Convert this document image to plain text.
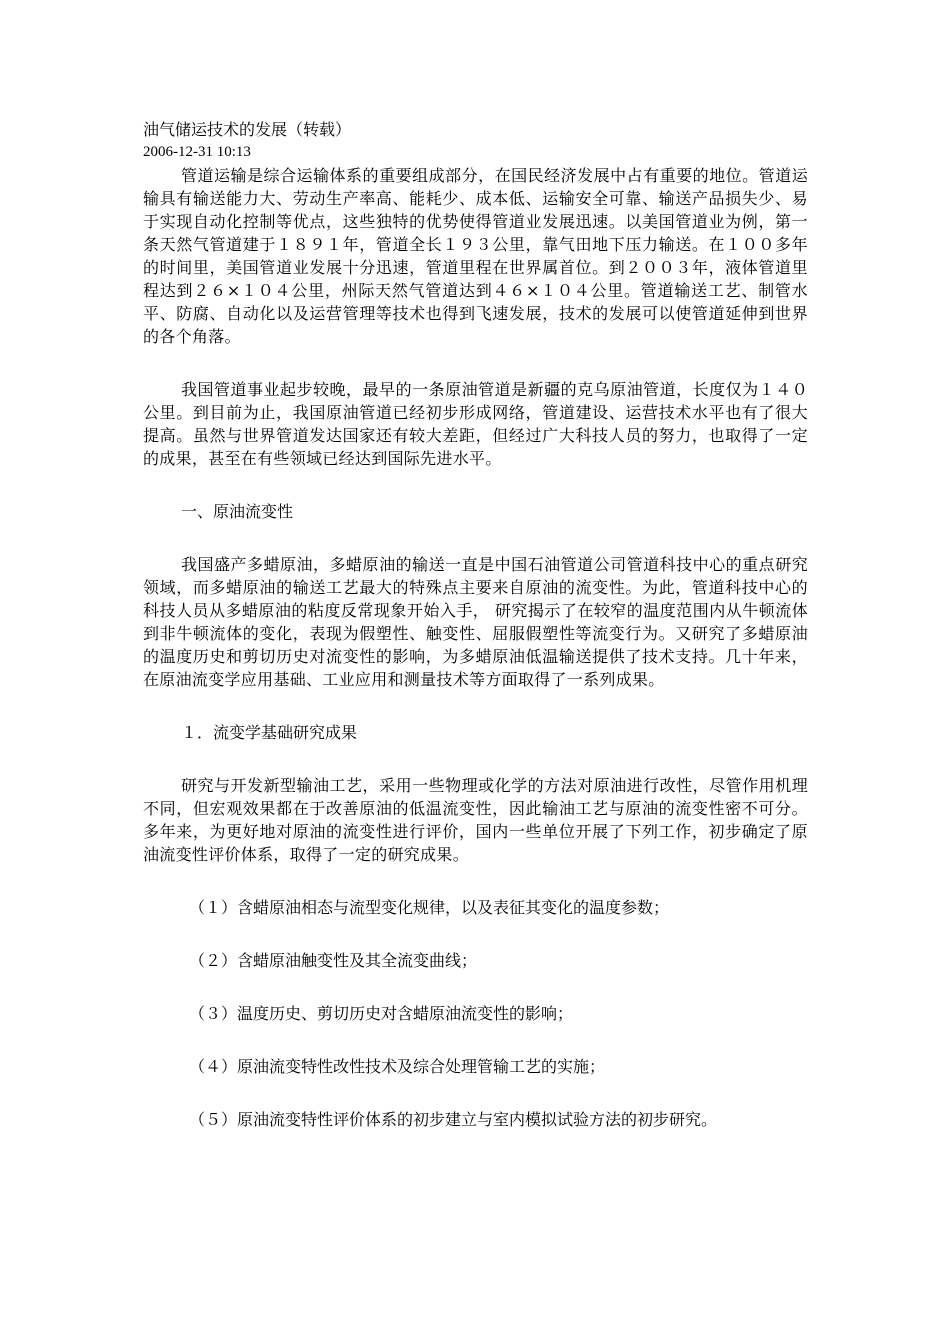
油气储运技术的发展（转载）

2006-12-31 10:13

管道运输是综合运输体系的重要组成部分，在国民经济发展中占有重要的地位。管道运输具有输送能力大、劳动生产率高、能耗少、成本低、运输安全可靠、输送产品损失少、易于实现自动化控制等优点，这些独特的优势使得管道业发展迅速。以美国管道业为例，第一条天然气管道建于１８９１年，管道全长１９３公里，靠气田地下压力输送。在１００多年的时间里，美国管道业发展十分迅速，管道里程在世界属首位。到２００３年，液体管道里程达到２６×１０４公里，州际天然气管道达到４６×１０４公里。管道输送工艺、制管水平、防腐、自动化以及运营管理等技术也得到飞速发展，技术的发展可以使管道延伸到世界的各个角落。

我国管道事业起步较晚，最早的一条原油管道是新疆的克乌原油管道，长度仅为１４０公里。到目前为止，我国原油管道已经初步形成网络，管道建设、运营技术水平也有了很大提高。虽然与世界管道发达国家还有较大差距，但经过广大科技人员的努力，也取得了一定的成果，甚至在有些领域已经达到国际先进水平。

一、原油流变性

我国盛产多蜡原油，多蜡原油的输送一直是中国石油管道公司管道科技中心的重点研究领域，而多蜡原油的输送工艺最大的特殊点主要来自原油的流变性。为此，管道科技中心的科技人员从多蜡原油的粘度反常现象开始入手， 研究揭示了在较窄的温度范围内从牛顿流体到非牛顿流体的变化，表现为假塑性、触变性、屈服假塑性等流变行为。又研究了多蜡原油的温度历史和剪切历史对流变性的影响，为多蜡原油低温输送提供了技术支持。几十年来，在原油流变学应用基础、工业应用和测量技术等方面取得了一系列成果。

１．流变学基础研究成果

研究与开发新型输油工艺，采用一些物理或化学的方法对原油进行改性，尽管作用机理不同，但宏观效果都在于改善原油的低温流变性，因此输油工艺与原油的流变性密不可分。多年来，为更好地对原油的流变性进行评价，国内一些单位开展了下列工作，初步确定了原油流变性评价体系，取得了一定的研究成果。

（１）含蜡原油相态与流型变化规律，以及表征其变化的温度参数；

（２）含蜡原油触变性及其全流变曲线；

（３）温度历史、剪切历史对含蜡原油流变性的影响；

（４）原油流变特性改性技术及综合处理管输工艺的实施；

（５）原油流变特性评价体系的初步建立与室内模拟试验方法的初步研究。
